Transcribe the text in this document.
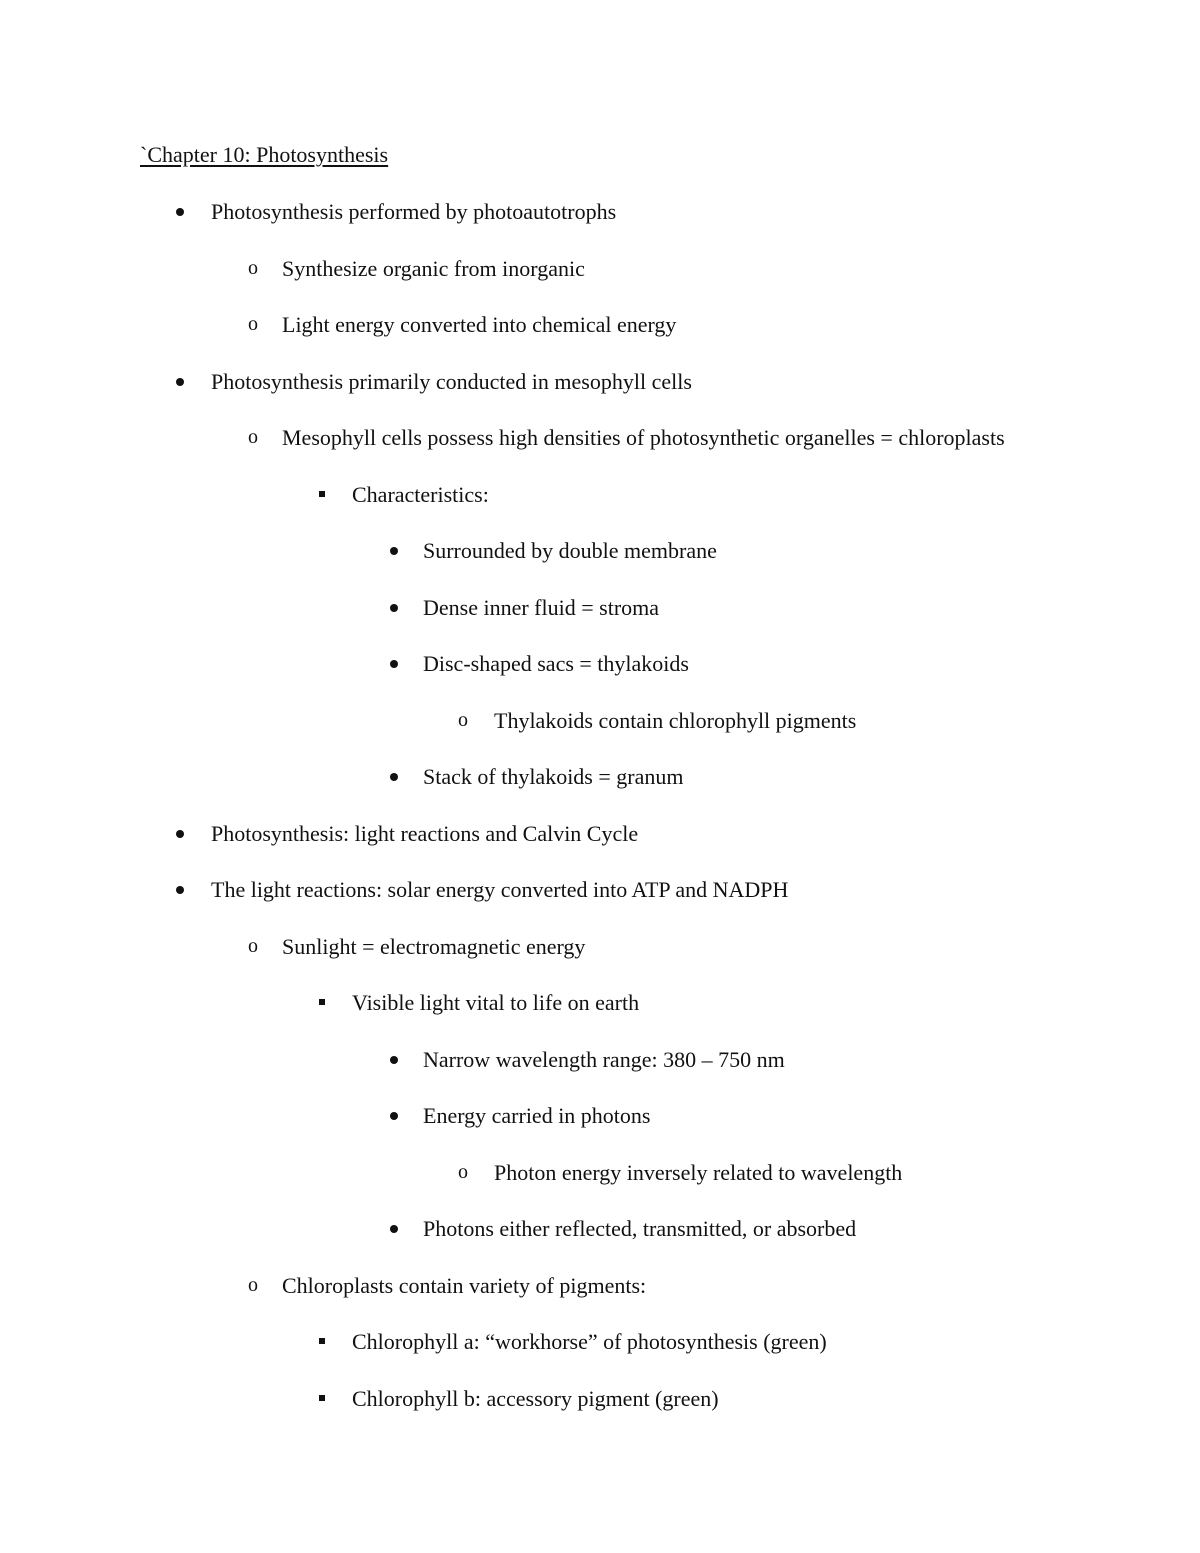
`Chapter 10: Photosynthesis
Photosynthesis performed by photoautotrophs
o
Synthesize organic from inorganic
o
Light energy converted into chemical energy
Photosynthesis primarily conducted in mesophyll cells
o
Mesophyll cells possess high densities of photosynthetic organelles = chloroplasts
Characteristics:
Surrounded by double membrane
Dense inner fluid = stroma
Disc-shaped sacs = thylakoids
o
Thylakoids contain chlorophyll pigments
Stack of thylakoids = granum
Photosynthesis: light reactions and Calvin Cycle
The light reactions: solar energy converted into ATP and NADPH
o
Sunlight = electromagnetic energy
Visible light vital to life on earth
Narrow wavelength range: 380 – 750 nm
Energy carried in photons
o
Photon energy inversely related to wavelength
Photons either reflected, transmitted, or absorbed
o
Chloroplasts contain variety of pigments:
Chlorophyll a: “workhorse” of photosynthesis (green)
Chlorophyll b: accessory pigment (green)
